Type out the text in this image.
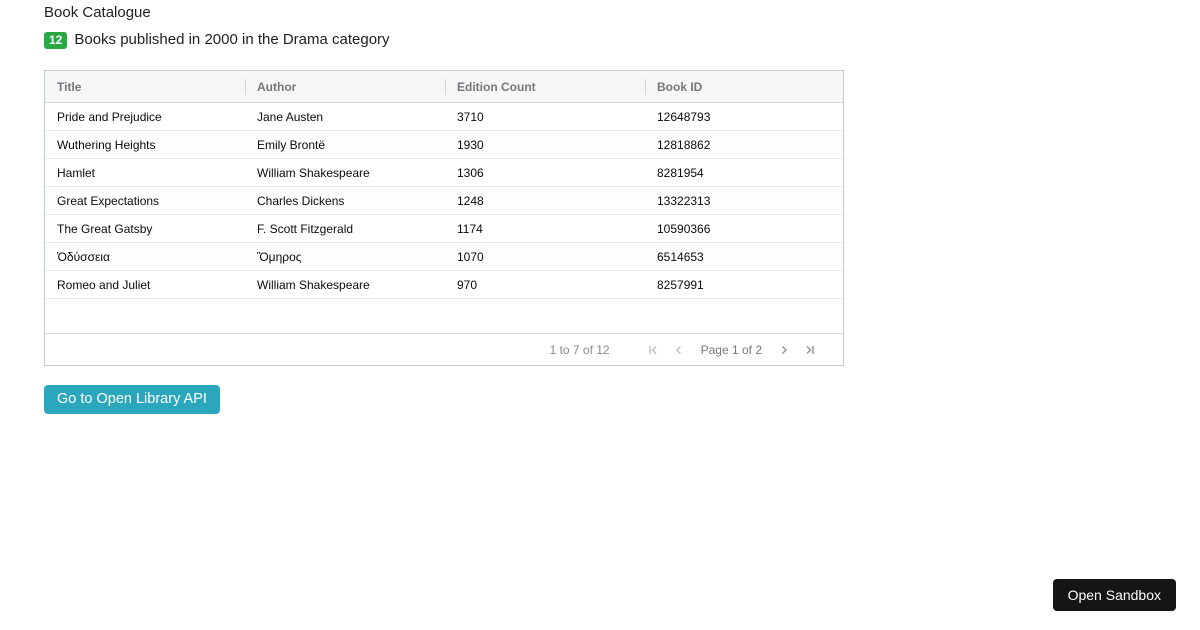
Book Catalogue
12 Books published in 2000 in the Drama category
Title	Author	Edition Count	Book ID
Pride and Prejudice	Jane Austen	3710	12648793
Wuthering Heights	Emily Brontë	1930	12818862
Hamlet	William Shakespeare	1306	8281954
Great Expectations	Charles Dickens	1248	13322313
The Great Gatsby	F. Scott Fitzgerald	1174	10590366
Ὀδύσσεια	Ὅμηρος	1070	6514653
Romeo and Juliet	William Shakespeare	970	8257991
1 to 7 of 12	Page 1 of 2
Go to Open Library API
Open Sandbox
